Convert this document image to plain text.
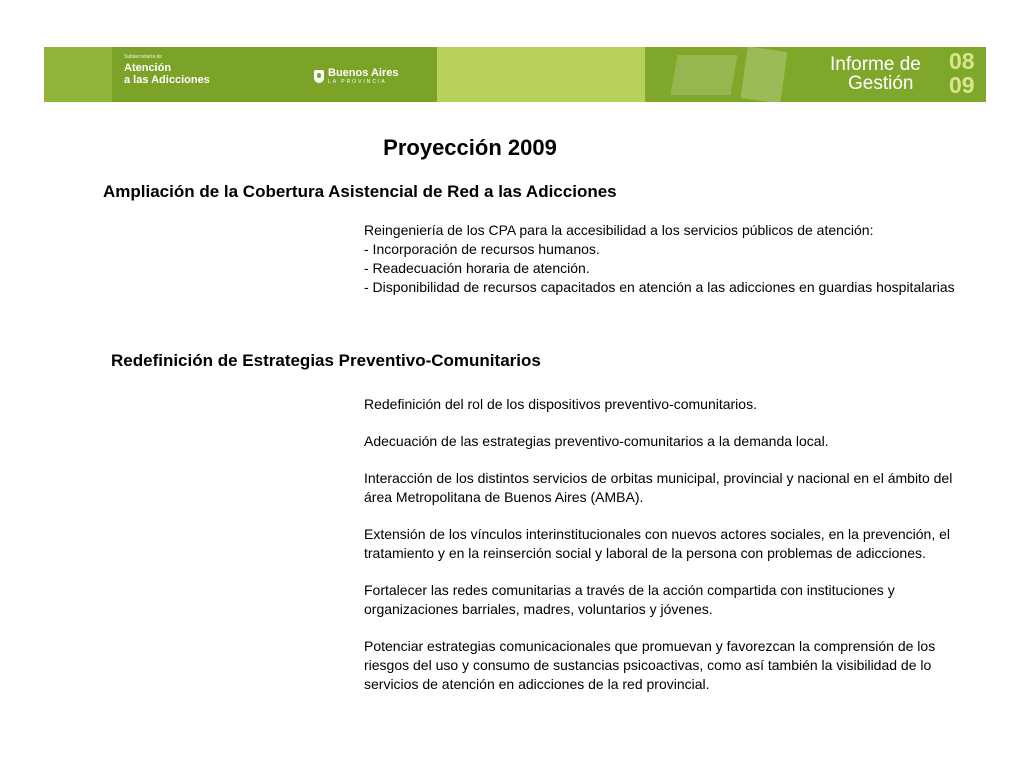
Subsecretaría de
Atención
a las Adicciones
Buenos Aires
LA PROVINCIA
Informe de
Gestión
08
09
Proyección 2009
Ampliación de la Cobertura Asistencial de Red a las Adicciones

Reingeniería de los CPA para la accesibilidad a los servicios públicos de atención:

- Incorporación de recursos humanos.

- Readecuación horaria de atención.

- Disponibilidad de recursos capacitados en atención a las adicciones en guardias hospitalarias

Redefinición de Estrategias Preventivo-Comunitarios

Redefinición del rol de los dispositivos preventivo-comunitarios.

Adecuación de las estrategias preventivo-comunitarios a la demanda local.

Interacción de los distintos servicios de orbitas municipal, provincial y nacional en el ámbito del área Metropolitana de Buenos Aires (AMBA).

Extensión de los vínculos interinstitucionales con nuevos actores sociales, en la prevención, el tratamiento y en la reinserción social y laboral de la persona con problemas de adicciones.

Fortalecer las redes comunitarias a través de la acción compartida con instituciones y organizaciones barriales, madres, voluntarios y jóvenes.

Potenciar estrategias comunicacionales que promuevan y favorezcan la comprensión de los riesgos del uso y consumo de sustancias psicoactivas, como así también la visibilidad de lo servicios de atención en adicciones de la red provincial.
